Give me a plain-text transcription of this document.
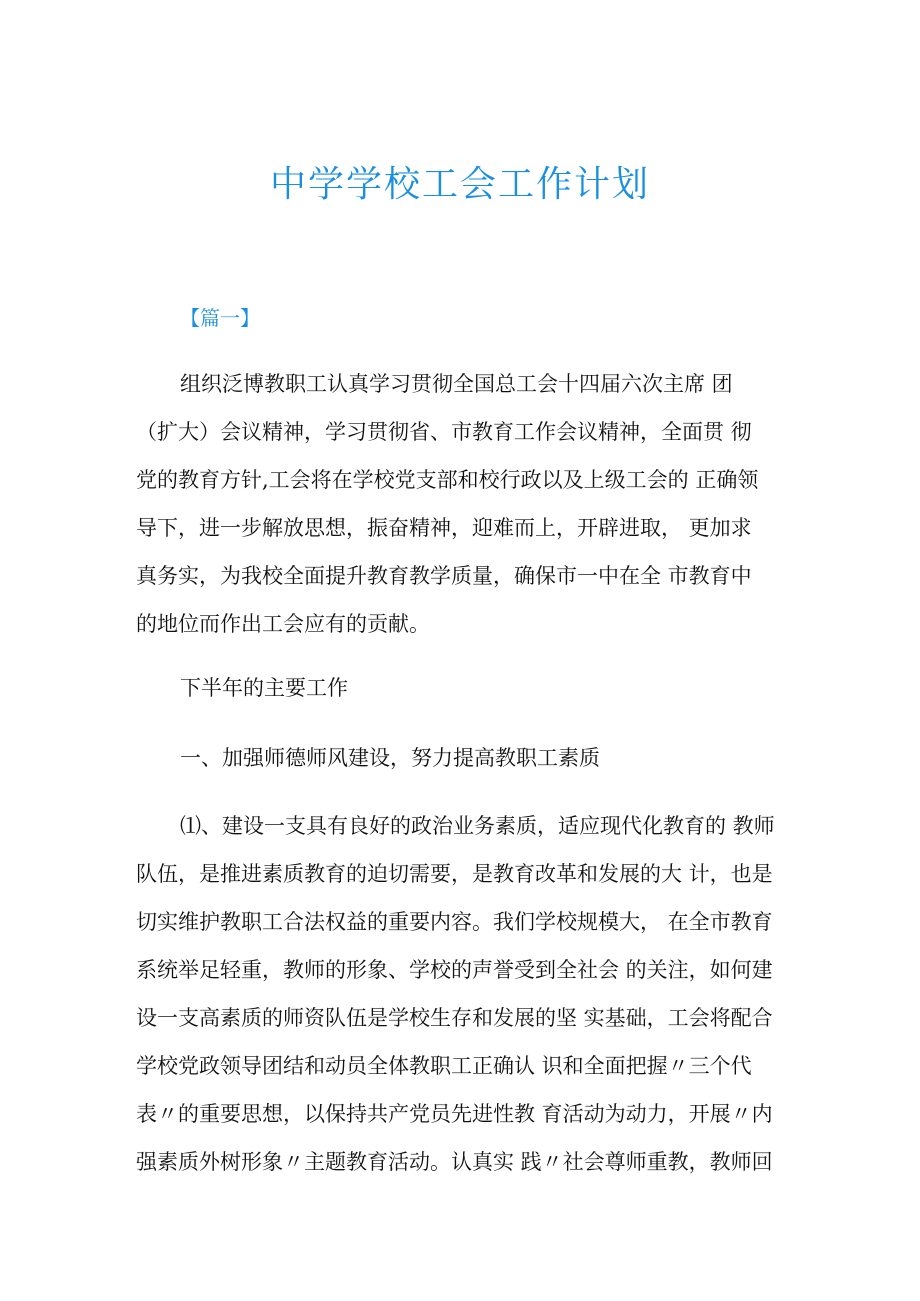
中学学校工会工作计划
【篇一】
组织泛博教职工认真学习贯彻全国总工会十四届六次主席 团
（扩大）会议精神，学习贯彻省、市教育工作会议精神，全面贯 彻
党的教育方针,工会将在学校党支部和校行政以及上级工会的 正确领
导下，进一步解放思想，振奋精神，迎难而上，开辟进取， 更加求
真务实，为我校全面提升教育教学质量，确保市一中在全 市教育中
的地位而作出工会应有的贡献。
下半年的主要工作
一、加强师德师风建设，努力提高教职工素质
⑴、建设一支具有良好的政治业务素质，适应现代化教育的 教师
队伍，是推进素质教育的迫切需要，是教育改革和发展的大 计，也是
切实维护教职工合法权益的重要内容。我们学校规模大， 在全市教育
系统举足轻重，教师的形象、学校的声誉受到全社会 的关注，如何建
设一支高素质的师资队伍是学校生存和发展的坚 实基础，工会将配合
学校党政领导团结和动员全体教职工正确认 识和全面把握〃三个代
表〃的重要思想，以保持共产党员先进性教 育活动为动力，开展〃内
强素质外树形象〃主题教育活动。认真实 践〃社会尊师重教，教师回
